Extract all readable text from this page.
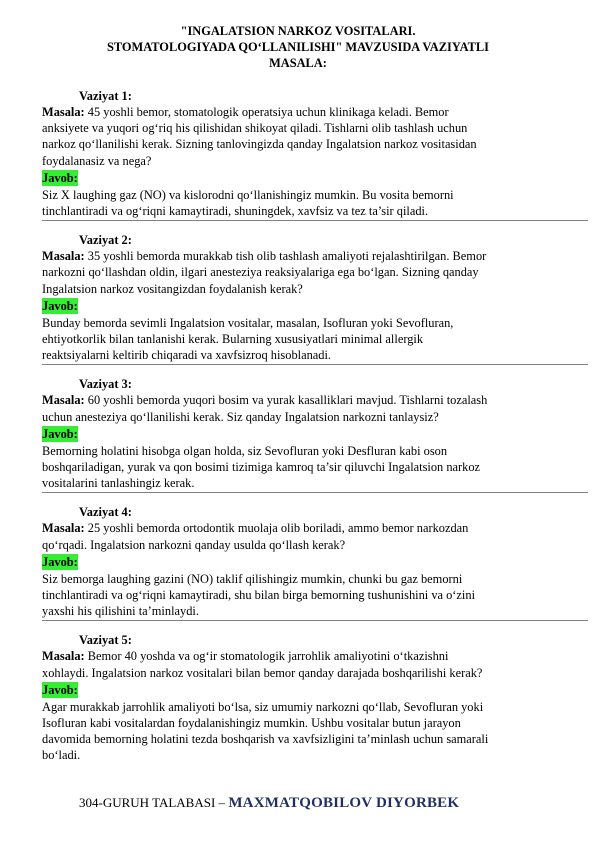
"INGALATSION NARKOZ VOSITALARI.
STOMATOLOGIYADA QO‘LLANILISHI" MAVZUSIDA VAZIYATLI
MASALA:
Vaziyat 1:
Masala: 45 yoshli bemor, stomatologik operatsiya uchun klinikaga keladi. Bemor
anksiyete va yuqori og‘riq his qilishidan shikoyat qiladi. Tishlarni olib tashlash uchun
narkoz qo‘llanilishi kerak. Sizning tanlovingizda qanday Ingalatsion narkoz vositasidan
foydalanasiz va nega?
Javob:
Siz X laughing gaz (NO) va kislorodni qo‘llanishingiz mumkin. Bu vosita bemorni
tinchlantiradi va og‘riqni kamaytiradi, shuningdek, xavfsiz va tez ta’sir qiladi.
Vaziyat 2:
Masala: 35 yoshli bemorda murakkab tish olib tashlash amaliyoti rejalashtirilgan. Bemor
narkozni qo‘llashdan oldin, ilgari anesteziya reaksiyalariga ega bo‘lgan. Sizning qanday
Ingalatsion narkoz vositangizdan foydalanish kerak?
Javob:
Bunday bemorda sevimli Ingalatsion vositalar, masalan, Isofluran yoki Sevofluran,
ehtiyotkorlik bilan tanlanishi kerak. Bularning xususiyatlari minimal allergik
reaktsiyalarni keltirib chiqaradi va xavfsizroq hisoblanadi.
Vaziyat 3:
Masala: 60 yoshli bemorda yuqori bosim va yurak kasalliklari mavjud. Tishlarni tozalash
uchun anesteziya qo‘llanilishi kerak. Siz qanday Ingalatsion narkozni tanlaysiz?
Javob:
Bemorning holatini hisobga olgan holda, siz Sevofluran yoki Desfluran kabi oson
boshqariladigan, yurak va qon bosimi tizimiga kamroq ta’sir qiluvchi Ingalatsion narkoz
vositalarini tanlashingiz kerak.
Vaziyat 4:
Masala: 25 yoshli bemorda ortodontik muolaja olib boriladi, ammo bemor narkozdan
qo‘rqadi. Ingalatsion narkozni qanday usulda qo‘llash kerak?
Javob:
Siz bemorga laughing gazini (NO) taklif qilishingiz mumkin, chunki bu gaz bemorni
tinchlantiradi va og‘riqni kamaytiradi, shu bilan birga bemorning tushunishini va o‘zini
yaxshi his qilishini ta’minlaydi.
Vaziyat 5:
Masala: Bemor 40 yoshda va og‘ir stomatologik jarrohlik amaliyotini o‘tkazishni
xohlaydi. Ingalatsion narkoz vositalari bilan bemor qanday darajada boshqarilishi kerak?
Javob:
Agar murakkab jarrohlik amaliyoti bo‘lsa, siz umumiy narkozni qo‘llab, Sevofluran yoki
Isofluran kabi vositalardan foydalanishingiz mumkin. Ushbu vositalar butun jarayon
davomida bemorning holatini tezda boshqarish va xavfsizligini ta’minlash uchun samarali
bo‘ladi.
304-GURUH TALABASI – MAXMATQOBILOV DIYORBEK
